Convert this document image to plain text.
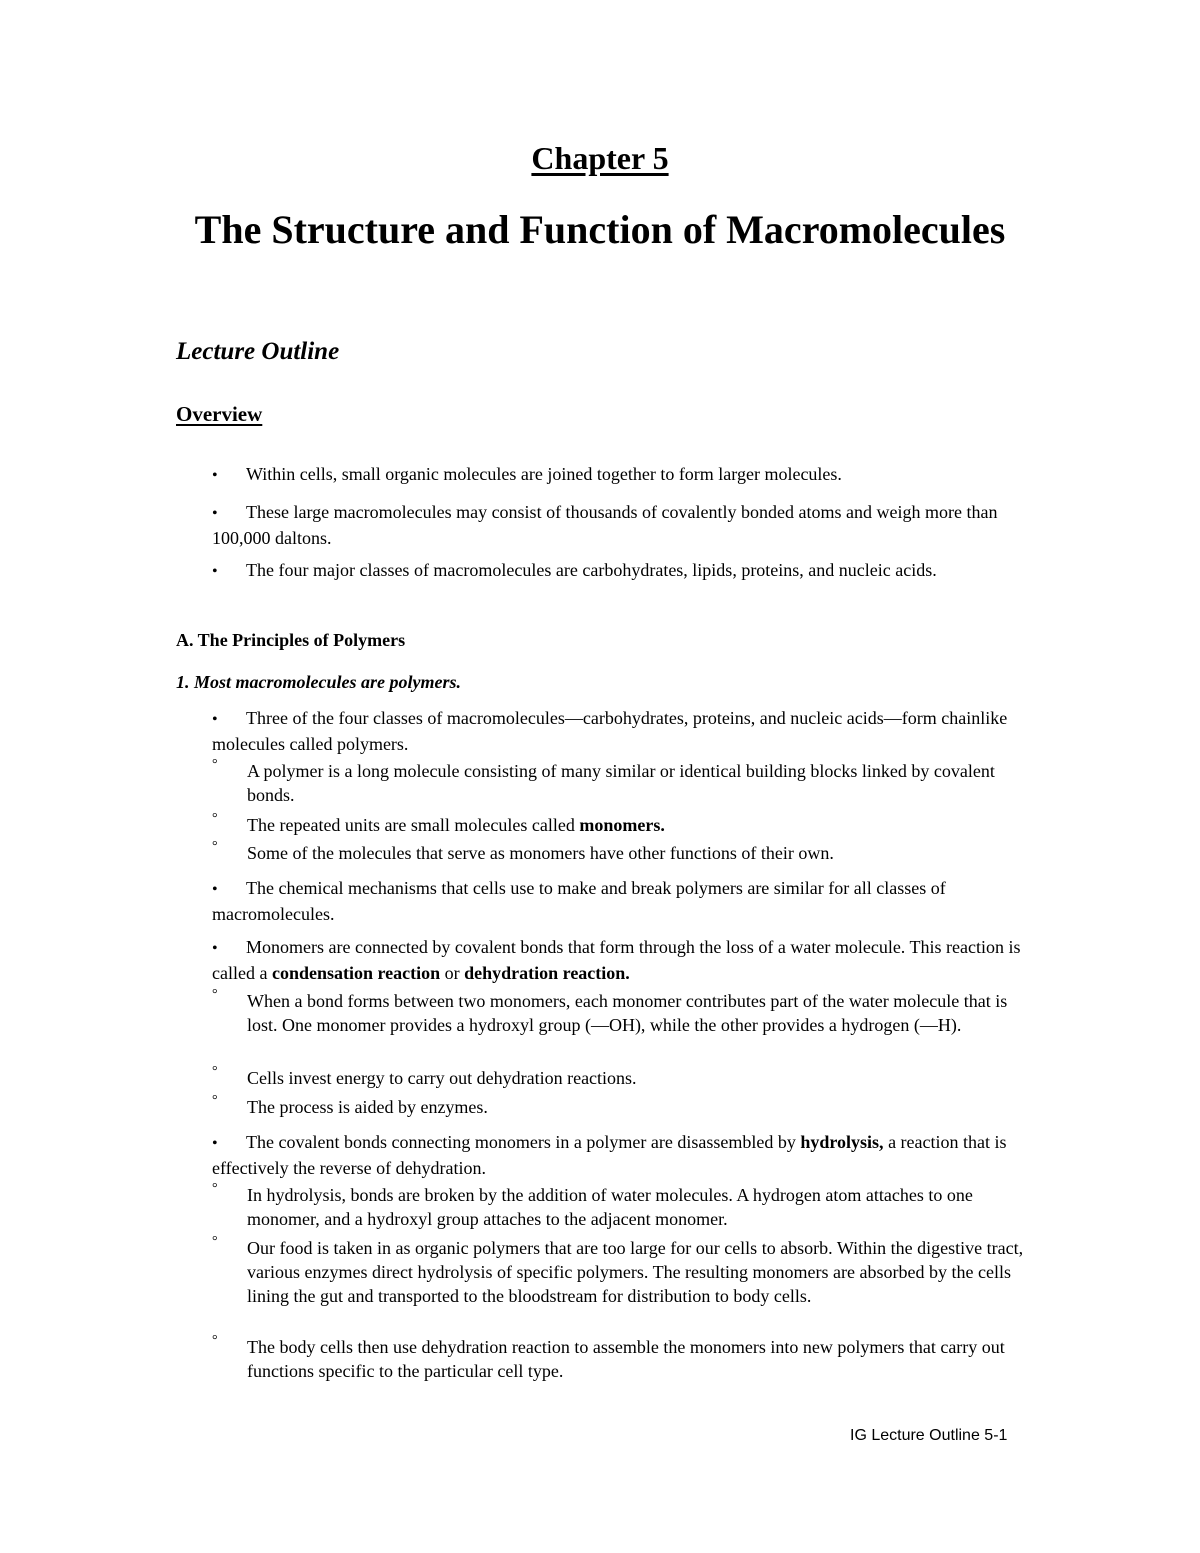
Chapter 5
The Structure and Function of Macromolecules
Lecture Outline
Overview
• Within cells, small organic molecules are joined together to form larger molecules.
• These large macromolecules may consist of thousands of covalently bonded atoms and weigh more than 100,000 daltons.
• The four major classes of macromolecules are carbohydrates, lipids, proteins, and nucleic acids.
A. The Principles of Polymers
1. Most macromolecules are polymers.
• Three of the four classes of macromolecules—carbohydrates, proteins, and nucleic acids—form chainlike molecules called polymers.
° A polymer is a long molecule consisting of many similar or identical building blocks linked by covalent bonds.
° The repeated units are small molecules called monomers.
° Some of the molecules that serve as monomers have other functions of their own.
• The chemical mechanisms that cells use to make and break polymers are similar for all classes of macromolecules.
• Monomers are connected by covalent bonds that form through the loss of a water molecule. This reaction is called a condensation reaction or dehydration reaction.
° When a bond forms between two monomers, each monomer contributes part of the water molecule that is lost. One monomer provides a hydroxyl group (—OH), while the other provides a hydrogen (—H).
° Cells invest energy to carry out dehydration reactions.
° The process is aided by enzymes.
• The covalent bonds connecting monomers in a polymer are disassembled by hydrolysis, a reaction that is effectively the reverse of dehydration.
° In hydrolysis, bonds are broken by the addition of water molecules. A hydrogen atom attaches to one monomer, and a hydroxyl group attaches to the adjacent monomer.
° Our food is taken in as organic polymers that are too large for our cells to absorb. Within the digestive tract, various enzymes direct hydrolysis of specific polymers. The resulting monomers are absorbed by the cells lining the gut and transported to the bloodstream for distribution to body cells.
° The body cells then use dehydration reaction to assemble the monomers into new polymers that carry out functions specific to the particular cell type.
IG Lecture Outline 5-1
